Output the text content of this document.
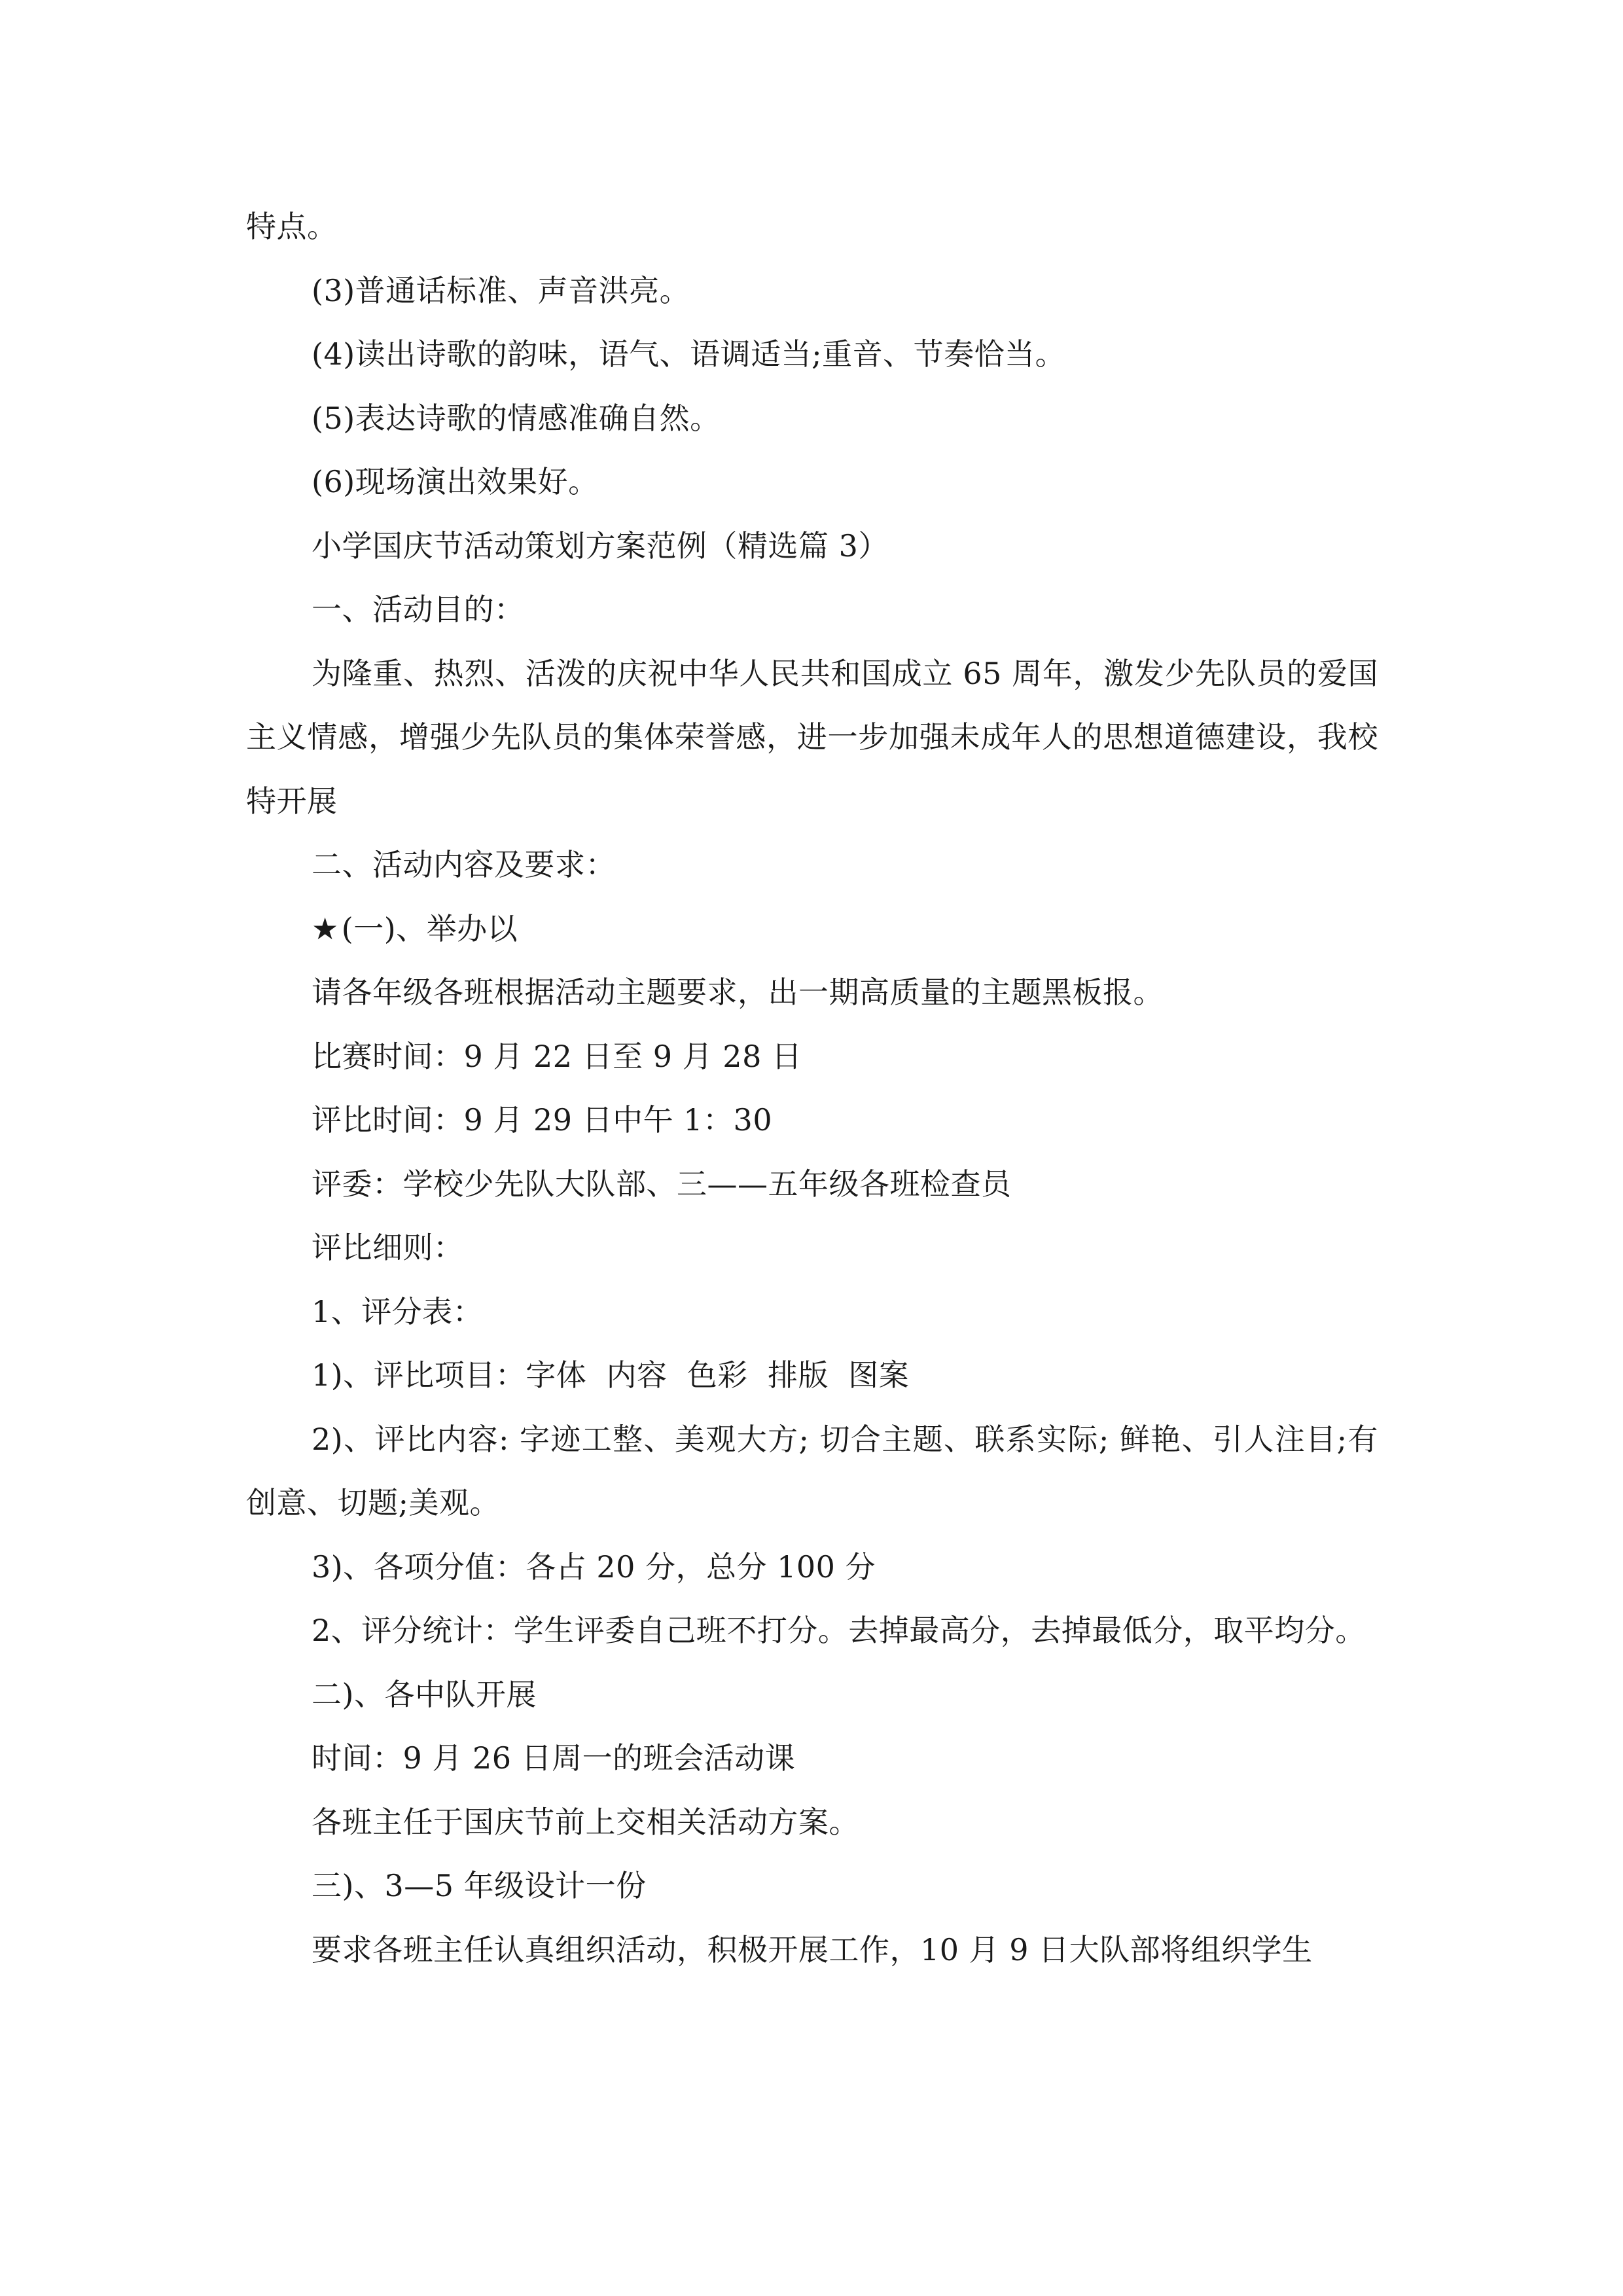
特点。

(3)普通话标准、声音洪亮。

(4)读出诗歌的韵味，语气、语调适当;重音、节奏恰当。

(5)表达诗歌的情感准确自然。

(6)现场演出效果好。

小学国庆节活动策划方案范例（精选篇 3）

一、活动目的：

为隆重、热烈、活泼的庆祝中华人民共和国成立 65 周年，激发少先队员的爱国主义情感，增强少先队员的集体荣誉感，进一步加强未成年人的思想道德建设，我校特开展

二、活动内容及要求：

★(一)、举办以

请各年级各班根据活动主题要求，出一期高质量的主题黑板报。

比赛时间：9 月 22 日至 9 月 28 日

评比时间：9 月 29 日中午 1：30

评委：学校少先队大队部、三——五年级各班检查员

评比细则：

1、评分表：

1)、评比项目：字体  内容  色彩  排版  图案

2)、评比内容: 字迹工整、美观大方; 切合主题、联系实际; 鲜艳、引人注目;有创意、切题;美观。

3)、各项分值：各占 20 分，总分 100 分

2、评分统计：学生评委自己班不打分。去掉最高分，去掉最低分，取平均分。

二)、各中队开展

时间：9 月 26 日周一的班会活动课

各班主任于国庆节前上交相关活动方案。

三)、3—5 年级设计一份

要求各班主任认真组织活动，积极开展工作，10 月 9 日大队部将组织学生
